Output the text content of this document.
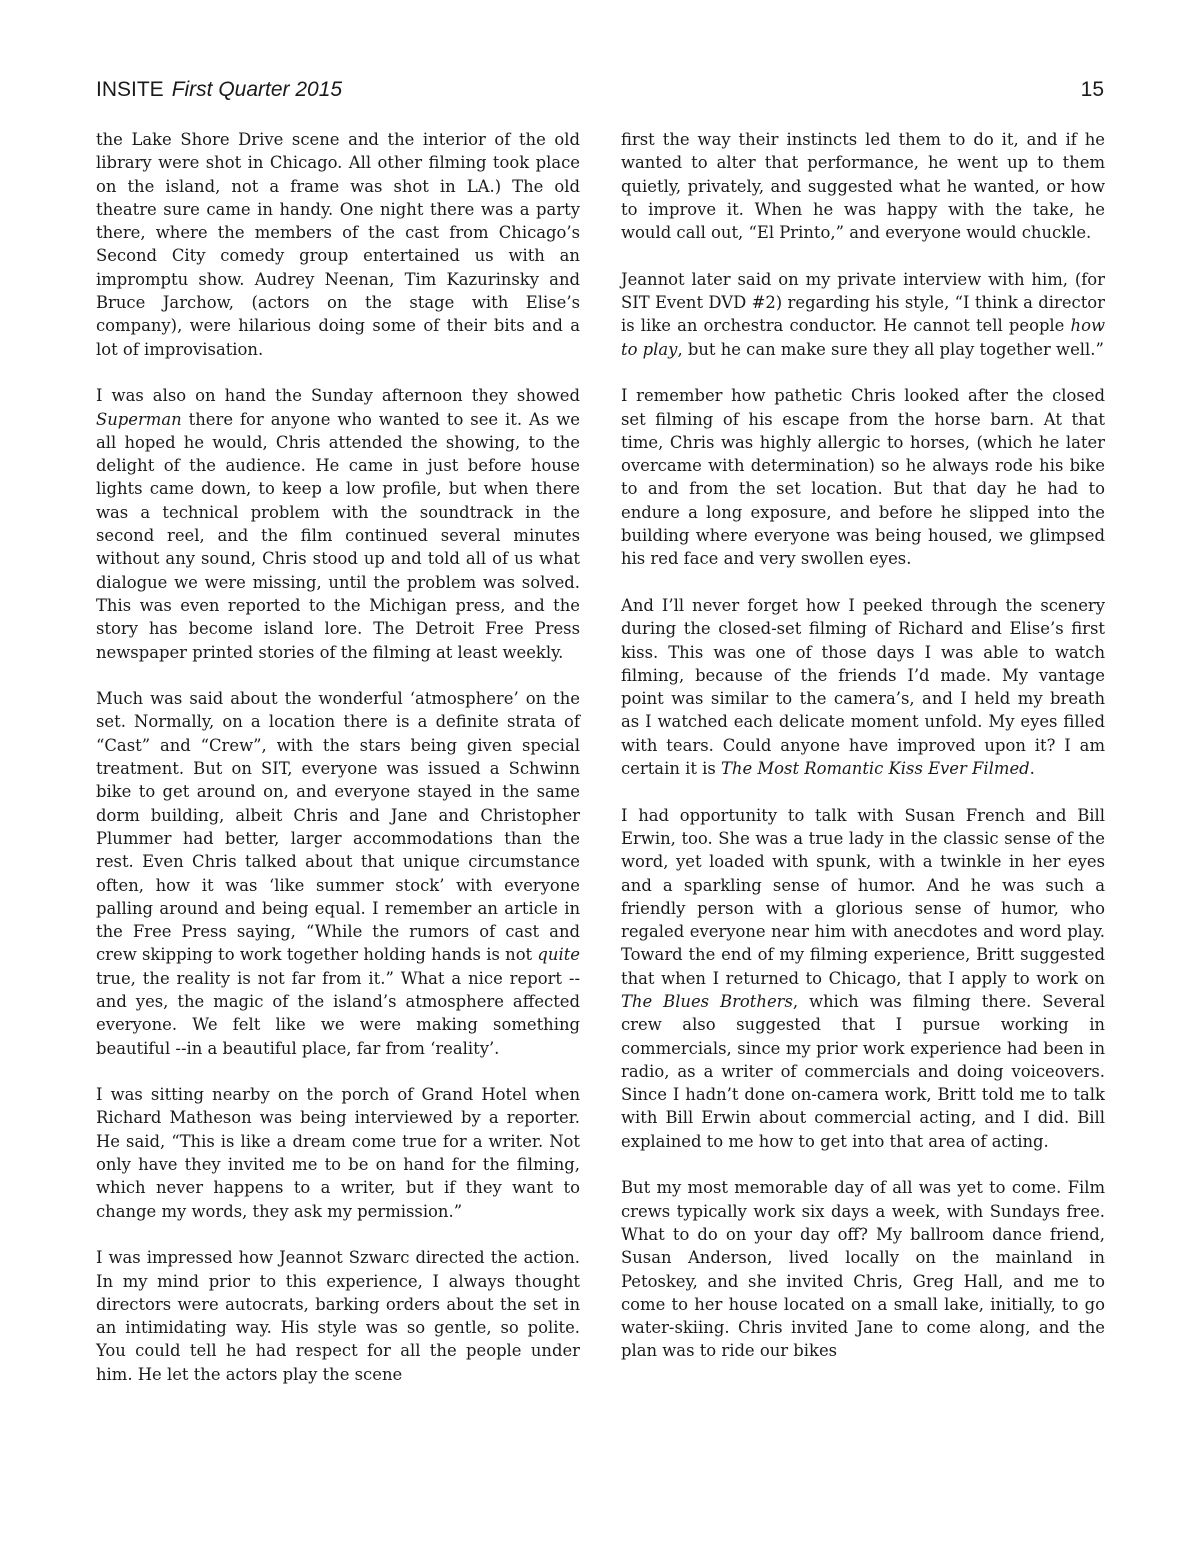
INSITE First Quarter 2015	15

the Lake Shore Drive scene and the interior of the old library were shot in Chicago. All other filming took place on the island, not a frame was shot in LA.) The old theatre sure came in handy. One night there was a party there, where the members of the cast from Chicago’s Second City comedy group entertained us with an impromptu show. Audrey Neenan, Tim Kazurinsky and Bruce Jarchow, (actors on the stage with Elise’s company), were hilarious doing some of their bits and a lot of improvisation.

I was also on hand the Sunday afternoon they showed Superman there for anyone who wanted to see it. As we all hoped he would, Chris attended the showing, to the delight of the audience. He came in just before house lights came down, to keep a low profile, but when there was a technical problem with the soundtrack in the second reel, and the film continued several minutes without any sound, Chris stood up and told all of us what dialogue we were missing, until the problem was solved. This was even reported to the Michigan press, and the story has become island lore. The Detroit Free Press newspaper printed stories of the filming at least weekly.

Much was said about the wonderful ‘atmosphere’ on the set. Normally, on a location there is a definite strata of “Cast” and “Crew”, with the stars being given special treatment. But on SIT, everyone was issued a Schwinn bike to get around on, and everyone stayed in the same dorm building, albeit Chris and Jane and Christopher Plummer had better, larger accommodations than the rest. Even Chris talked about that unique circumstance often, how it was ‘like summer stock’ with everyone palling around and being equal. I remember an article in the Free Press saying, “While the rumors of cast and crew skipping to work together holding hands is not quite true, the reality is not far from it.” What a nice report -- and yes, the magic of the island’s atmosphere affected everyone. We felt like we were making something beautiful --in a beautiful place, far from ‘reality’.

I was sitting nearby on the porch of Grand Hotel when Richard Matheson was being interviewed by a reporter. He said, “This is like a dream come true for a writer. Not only have they invited me to be on hand for the filming, which never happens to a writer, but if they want to change my words, they ask my permission.”

I was impressed how Jeannot Szwarc directed the action. In my mind prior to this experience, I always thought directors were autocrats, barking orders about the set in an intimidating way. His style was so gentle, so polite. You could tell he had respect for all the people under him. He let the actors play the scene

first the way their instincts led them to do it, and if he wanted to alter that performance, he went up to them quietly, privately, and suggested what he wanted, or how to improve it. When he was happy with the take, he would call out, “El Printo,” and everyone would chuckle.

Jeannot later said on my private interview with him, (for SIT Event DVD #2) regarding his style, “I think a director is like an orchestra conductor. He cannot tell people how to play, but he can make sure they all play together well.”

I remember how pathetic Chris looked after the closed set filming of his escape from the horse barn. At that time, Chris was highly allergic to horses, (which he later overcame with determination) so he always rode his bike to and from the set location. But that day he had to endure a long exposure, and before he slipped into the building where everyone was being housed, we glimpsed his red face and very swollen eyes.

And I’ll never forget how I peeked through the scenery during the closed-set filming of Richard and Elise’s first kiss. This was one of those days I was able to watch filming, because of the friends I’d made. My vantage point was similar to the camera’s, and I held my breath as I watched each delicate moment unfold. My eyes filled with tears. Could anyone have improved upon it? I am certain it is The Most Romantic Kiss Ever Filmed.

I had opportunity to talk with Susan French and Bill Erwin, too. She was a true lady in the classic sense of the word, yet loaded with spunk, with a twinkle in her eyes and a sparkling sense of humor. And he was such a friendly person with a glorious sense of humor, who regaled everyone near him with anecdotes and word play. Toward the end of my filming experience, Britt suggested that when I returned to Chicago, that I apply to work on The Blues Brothers, which was filming there. Several crew also suggested that I pursue working in commercials, since my prior work experience had been in radio, as a writer of commercials and doing voiceovers. Since I hadn’t done on-camera work, Britt told me to talk with Bill Erwin about commercial acting, and I did. Bill explained to me how to get into that area of acting.

But my most memorable day of all was yet to come. Film crews typically work six days a week, with Sundays free. What to do on your day off? My ballroom dance friend, Susan Anderson, lived locally on the mainland in Petoskey, and she invited Chris, Greg Hall, and me to come to her house located on a small lake, initially, to go water-skiing. Chris invited Jane to come along, and the plan was to ride our bikes
